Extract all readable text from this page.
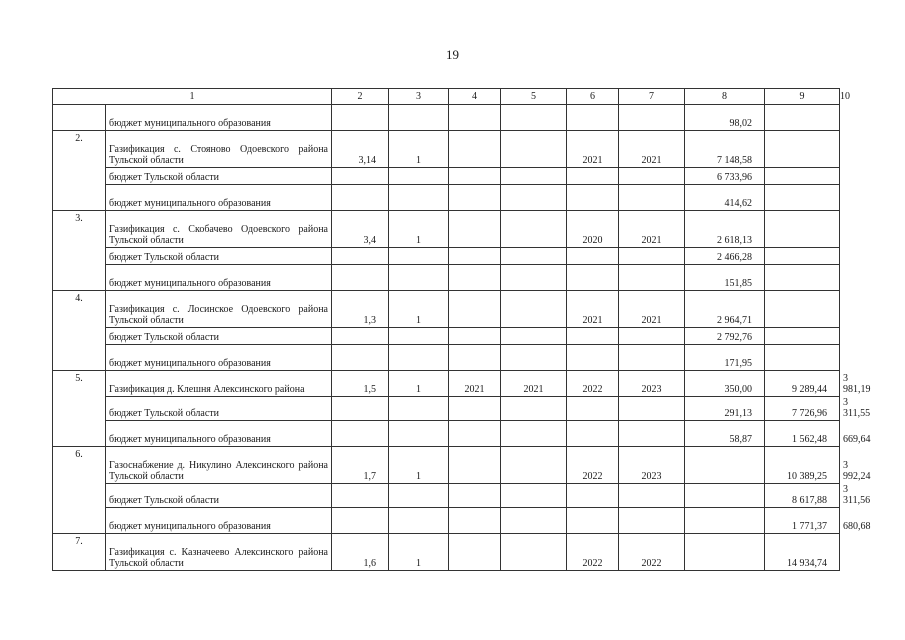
19
1		2	3	4	5	6	7	8	9	10
	бюджет муниципального образования							98,02		
2.	Газификация с. Стояново Одоевского района Тульской области	3,14	1			2021	2021	7 148,58		
	бюджет Тульской области							6 733,96		
	бюджет муниципального образования							414,62		
3.	Газификация с. Скобачево Одоевского района Тульской области	3,4	1			2020	2021	2 618,13		
	бюджет Тульской области							2 466,28		
	бюджет муниципального образования							151,85		
4.	Газификация с. Лосинское Одоевского района Тульской области	1,3	1			2021	2021	2 964,71		
	бюджет Тульской области							2 792,76		
	бюджет муниципального образования							171,95		
5.	Газификация д. Клешня Алексинского района	1,5	1	2021	2021	2022	2023	350,00	9 289,44	3 981,19
	бюджет Тульской области							291,13	7 726,96	3 311,55
	бюджет муниципального образования							58,87	1 562,48	669,64
6.	Газоснабжение д. Никулино Алексинского района Тульской области	1,7	1			2022	2023		10 389,25	3 992,24
	бюджет Тульской области								8 617,88	3 311,56
	бюджет муниципального образования								1 771,37	680,68
7.	Газификация с. Казначеево Алексинского района Тульской области	1,6	1			2022	2022		14 934,74	
